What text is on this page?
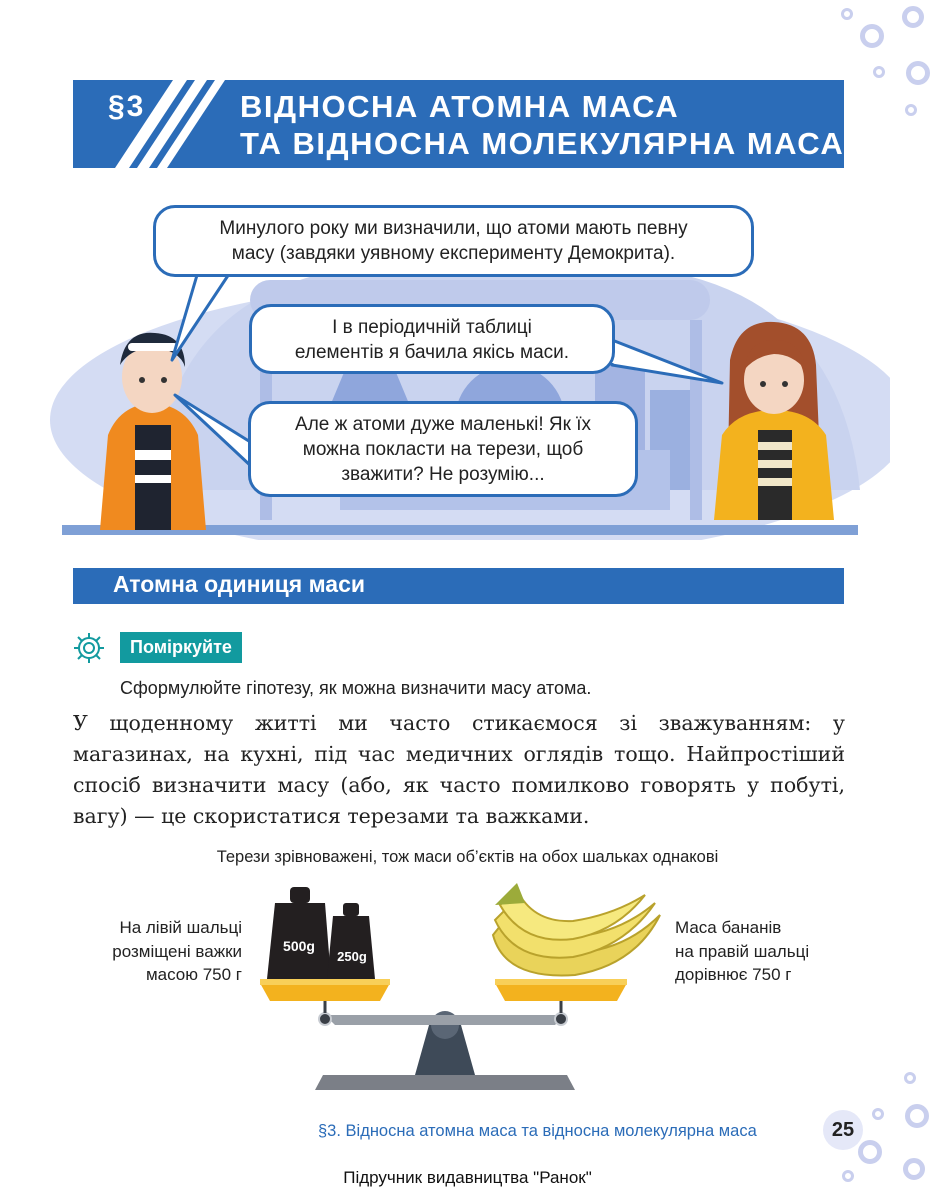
§3	ВІДНОСНА АТОМНА МАСА
ТА ВІДНОСНА МОЛЕКУЛЯРНА МАСА
Минулого року ми визначили, що атоми мають певну
масу (завдяки уявному експерименту Демокрита).
І в періодичній таблиці
елементів я бачила якісь маси.
Але ж атоми дуже маленькі! Як їх
можна покласти на терези, щоб
зважити? Не розумію...
Атомна одиниця маси
Поміркуйте
Сформулюйте гіпотезу, як можна визначити масу атома.
У щоденному житті ми часто стикаємося зі зважуванням: у магазинах, на кухні, під час медичних оглядів тощо. Найпростіший спосіб визначити масу (або, як часто помилково говорять у побуті, вагу) — це скористатися терезами та важками.
Терези зрівноважені, тож маси об’єктів на обох шальках однакові
На лівій шальці
розміщені важки
масою 750 г
Маса бананів
на правій шальці
дорівнює 750 г
500g
250g
§3. Відносна атомна маса та відносна молекулярна маса	25
Підручник видавництва "Ранок"
